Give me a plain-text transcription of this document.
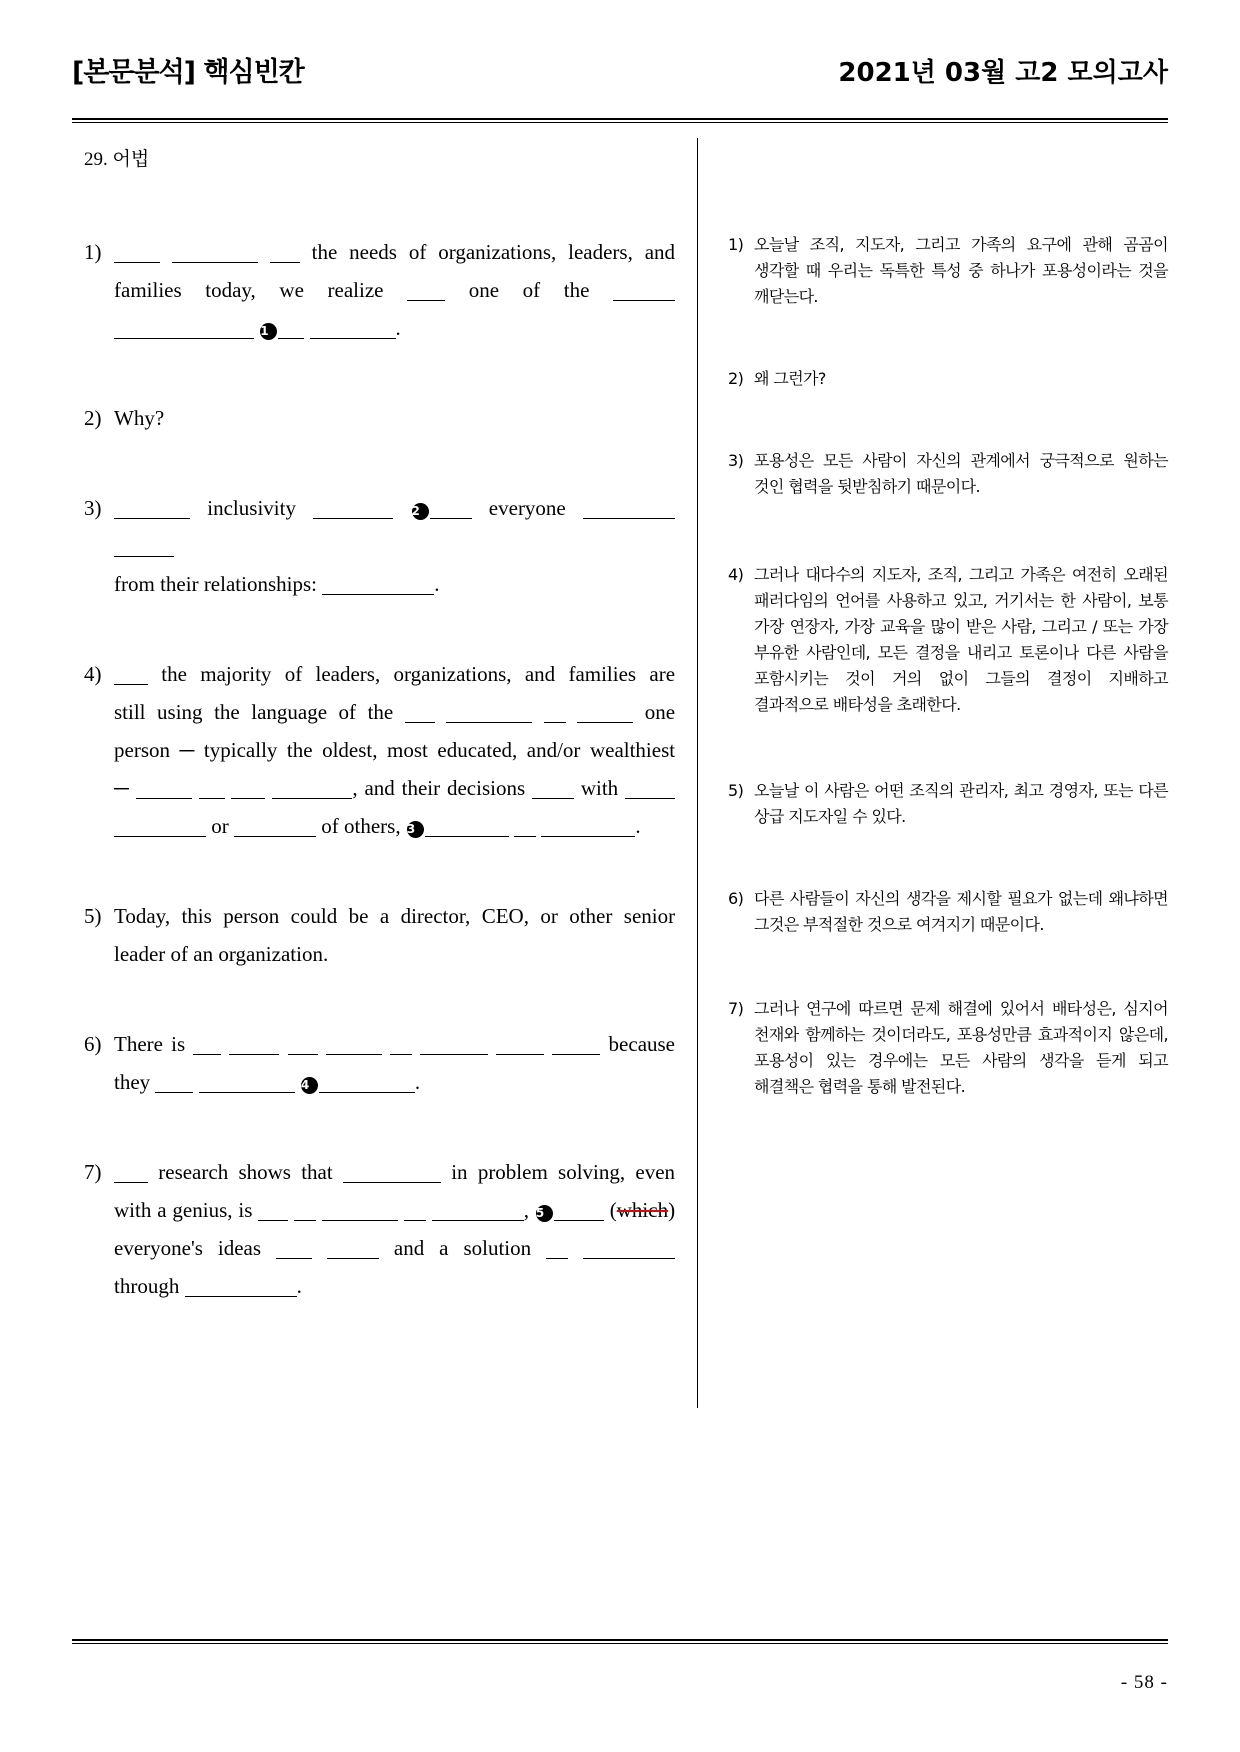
[본문분석] 핵심빈칸	2021년 03월 고2 모의고사
29. 어법
1)	the needs of organizations, leaders, and
families today, we realize	one of the
1	.
2) Why?
3)	inclusivity	2	everyone
from their relationships:	.
4)	the majority of leaders, organizations, and families are
still using the language of the	one
person ─ typically the oldest, most educated, and/or wealthiest
─	, and their decisions	with
or	of others, 3	.
5) Today, this person could be a director, CEO, or other senior
leader of an organization.
6) There is	because
they	4	.
7)	research shows that	in problem solving, even
with a genius, is	, 5	(which)
everyone's ideas	and a solution
through	.
1) 오늘날 조직, 지도자, 그리고 가족의 요구에 관해 곰곰이 생각할 때 우리는 독특한 특성 중 하나가 포용성이라는 것을 깨닫는다.
2) 왜 그런가?
3) 포용성은 모든 사람이 자신의 관계에서 궁극적으로 원하는 것인 협력을 뒷받침하기 때문이다.
4) 그러나 대다수의 지도자, 조직, 그리고 가족은 여전히 오래된 패러다임의 언어를 사용하고 있고, 거기서는 한 사람이, 보통 가장 연장자, 가장 교육을 많이 받은 사람, 그리고 / 또는 가장 부유한 사람인데, 모든 결정을 내리고 토론이나 다른 사람을 포함시키는 것이 거의 없이 그들의 결정이 지배하고 결과적으로 배타성을 초래한다.
5) 오늘날 이 사람은 어떤 조직의 관리자, 최고 경영자, 또는 다른 상급 지도자일 수 있다.
6) 다른 사람들이 자신의 생각을 제시할 필요가 없는데 왜냐하면 그것은 부적절한 것으로 여겨지기 때문이다.
7) 그러나 연구에 따르면 문제 해결에 있어서 배타성은, 심지어 천재와 함께하는 것이더라도, 포용성만큼 효과적이지 않은데, 포용성이 있는 경우에는 모든 사람의 생각을 듣게 되고 해결책은 협력을 통해 발전된다.
- 58 -
